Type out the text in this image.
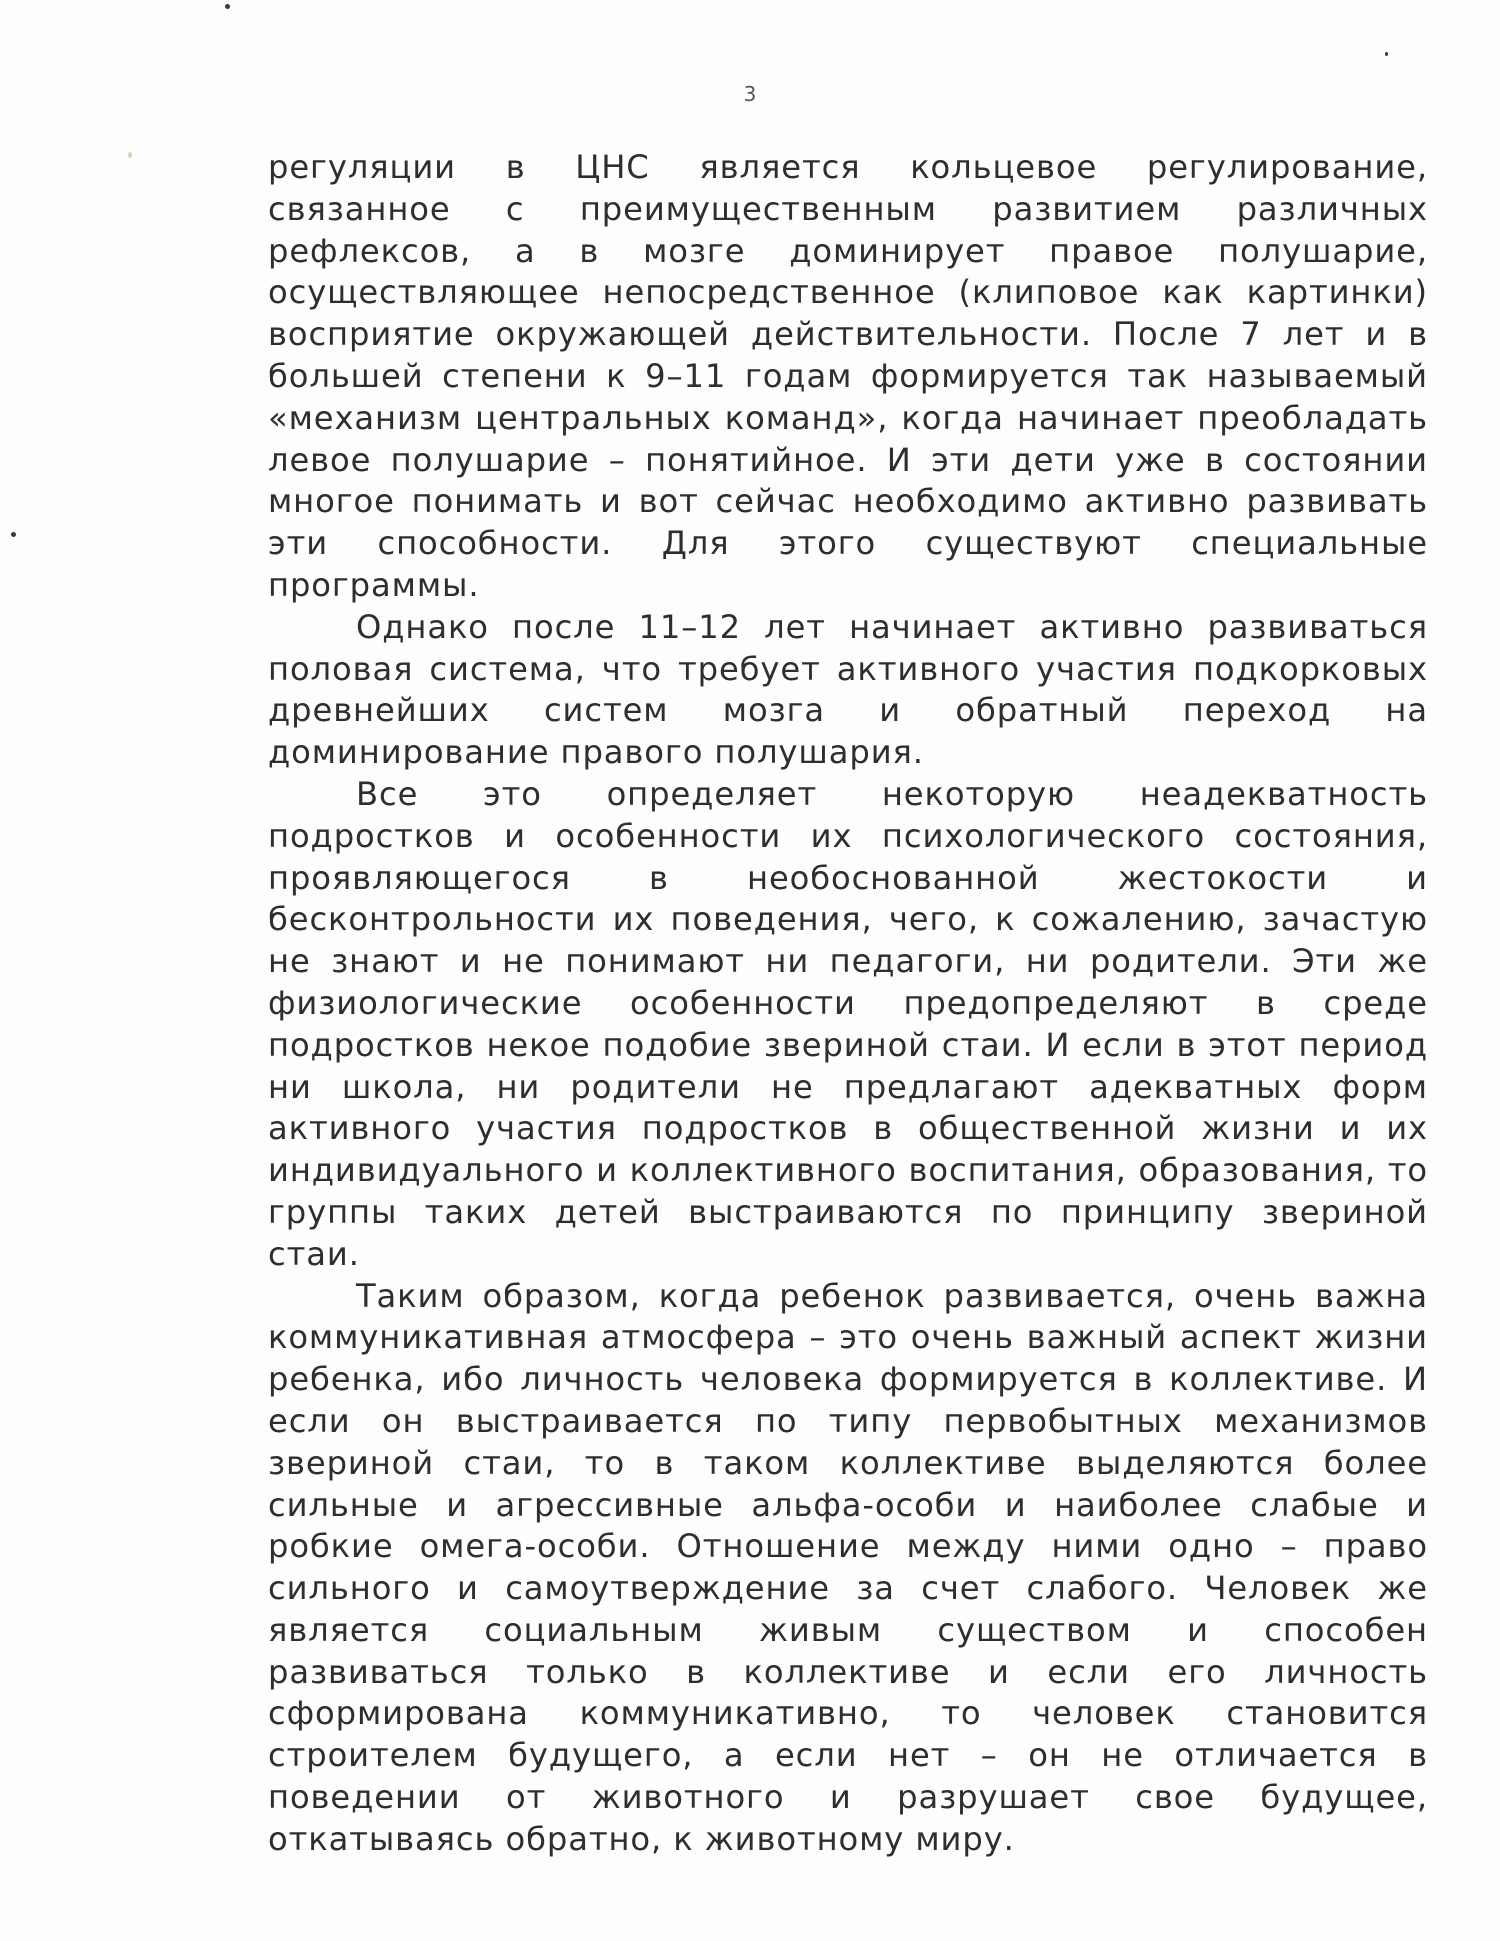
3

регуляции в ЦНС является кольцевое регулирование, связанное с преимущественным развитием различных рефлексов, а в мозге доминирует правое полушарие, осуществляющее непосредственное (клиповое как картинки) восприятие окружающей действительности. После 7 лет и в большей степени к 9–11 годам формируется так называемый «механизм центральных команд», когда начинает преобладать левое полушарие – понятийное. И эти дети уже в состоянии многое понимать и вот сейчас необходимо активно развивать эти способности. Для этого существуют специальные программы.

Однако после 11–12 лет начинает активно развиваться половая система, что требует активного участия подкорковых древнейших систем мозга и обратный переход на доминирование правого полушария.

Все это определяет некоторую неадекватность подростков и особенности их психологического состояния, проявляющегося в необоснованной жестокости и бесконтрольности их поведения, чего, к сожалению, зачастую не знают и не понимают ни педагоги, ни родители. Эти же физиологические особенности предопределяют в среде подростков некое подобие звериной стаи. И если в этот период ни школа, ни родители не предлагают адекватных форм активного участия подростков в общественной жизни и их индивидуального и коллективного воспитания, образования, то группы таких детей выстраиваются по принципу звериной стаи.

Таким образом, когда ребенок развивается, очень важна коммуникативная атмосфера – это очень важный аспект жизни ребенка, ибо личность человека формируется в коллективе. И если он выстраивается по типу первобытных механизмов звериной стаи, то в таком коллективе выделяются более сильные и агрессивные альфа-особи и наиболее слабые и робкие омега-особи. Отношение между ними одно – право сильного и самоутверждение за счет слабого. Человек же является социальным живым существом и способен развиваться только в коллективе и если его личность сформирована коммуникативно, то человек становится строителем будущего, а если нет – он не отличается в поведении от животного и разрушает свое будущее, откатываясь обратно, к животному миру.
